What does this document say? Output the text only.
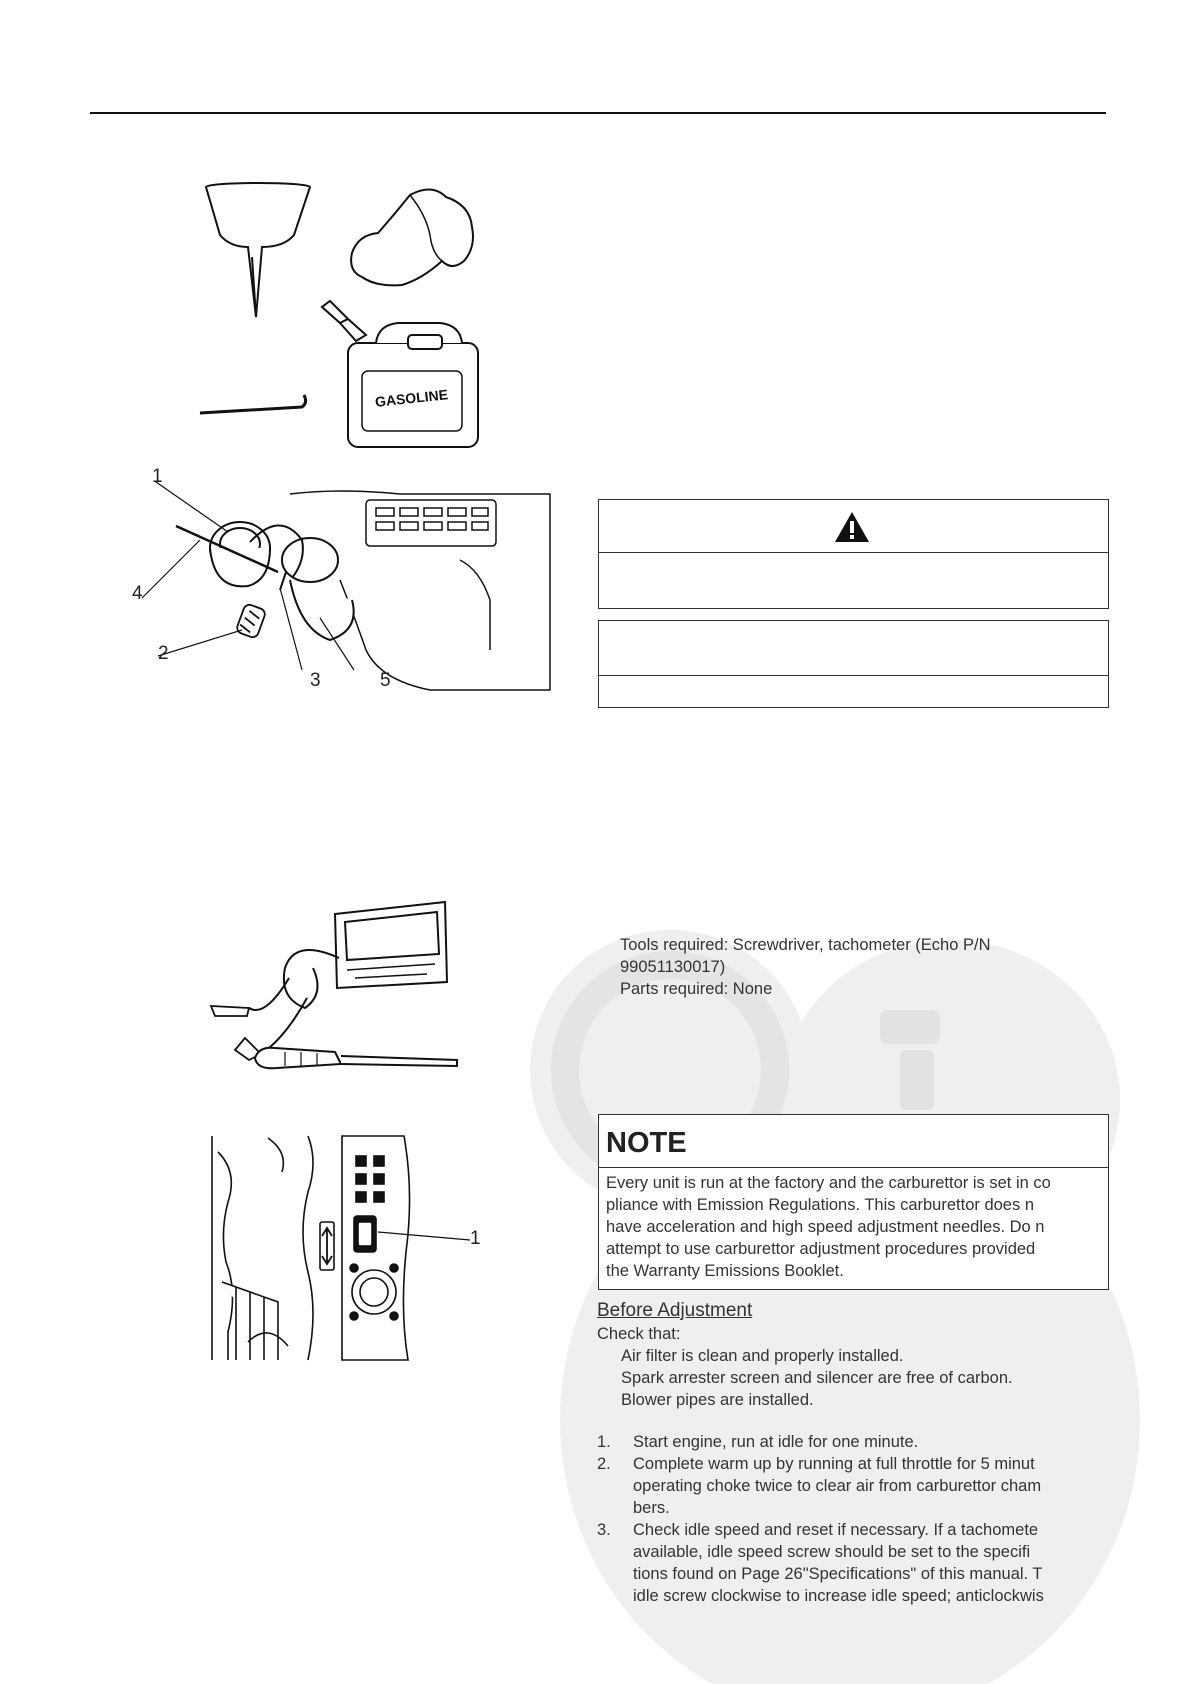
GASOLINE
1
4
2
3	5
Tools required: Screwdriver, tachometer (Echo P/N
99051130017)
Parts required: None
1
NOTE
Every unit is run at the factory and the carburettor is set in co
pliance with Emission Regulations. This carburettor does n
have acceleration and high speed adjustment needles. Do n
attempt to use carburettor adjustment procedures provided
the Warranty Emissions Booklet.
Before Adjustment
Check that:
Air filter is clean and properly installed.
Spark arrester screen and silencer are free of carbon.
Blower pipes are installed.
1. Start engine, run at idle for one minute.
2. Complete warm up by running at full throttle for 5 minut
operating choke twice to clear air from carburettor cham
bers.
3. Check idle speed and reset if necessary. If a tachomete
available, idle speed screw should be set to the specifi
tions found on Page 26"Specifications" of this manual. T
idle screw clockwise to increase idle speed; anticlockwis
